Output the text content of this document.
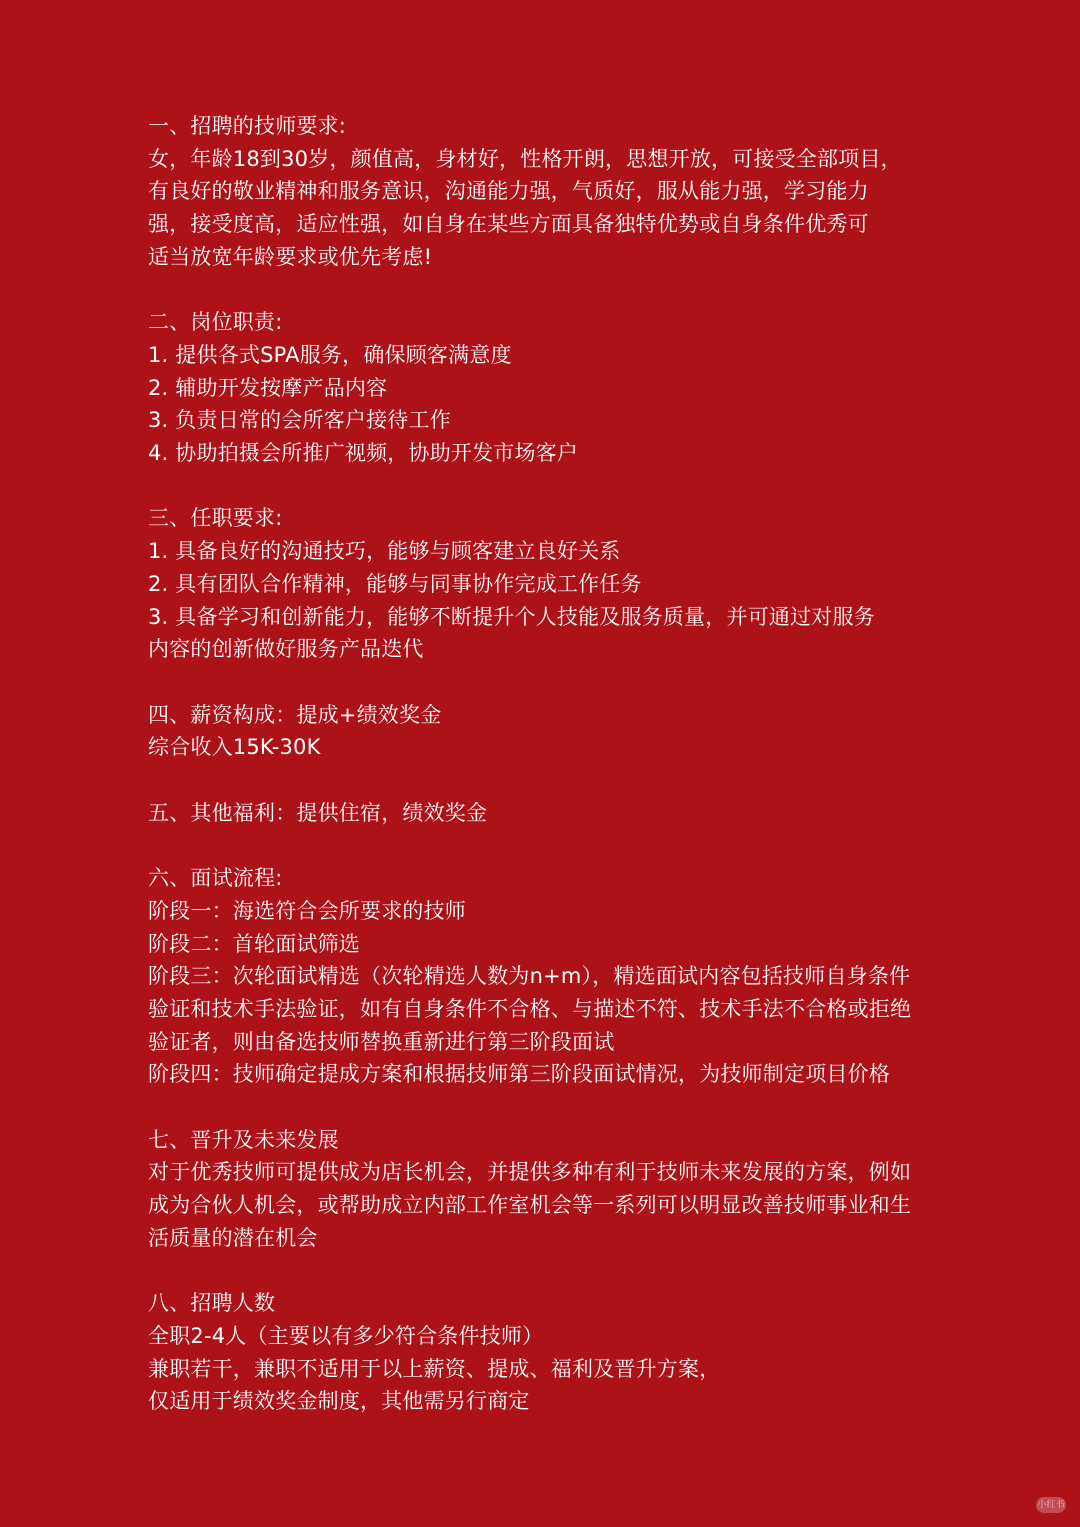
一、招聘的技师要求:
女，年龄18到30岁，颜值高，身材好，性格开朗，思想开放，可接受全部项目，
有良好的敬业精神和服务意识，沟通能力强，气质好，服从能力强，学习能力
强，接受度高，适应性强，如自身在某些方面具备独特优势或自身条件优秀可
适当放宽年龄要求或优先考虑!
二、岗位职责:
1. 提供各式SPA服务，确保顾客满意度
2. 辅助开发按摩产品内容
3. 负责日常的会所客户接待工作
4. 协助拍摄会所推广视频，协助开发市场客户
三、任职要求:
1. 具备良好的沟通技巧，能够与顾客建立良好关系
2. 具有团队合作精神，能够与同事协作完成工作任务
3. 具备学习和创新能力，能够不断提升个人技能及服务质量，并可通过对服务
内容的创新做好服务产品迭代
四、薪资构成：提成+绩效奖金
综合收入15K-30K
五、其他福利：提供住宿，绩效奖金
六、面试流程:
阶段一：海选符合会所要求的技师
阶段二：首轮面试筛选
阶段三：次轮面试精选（次轮精选人数为n+m），精选面试内容包括技师自身条件
验证和技术手法验证，如有自身条件不合格、与描述不符、技术手法不合格或拒绝
验证者，则由备选技师替换重新进行第三阶段面试
阶段四：技师确定提成方案和根据技师第三阶段面试情况，为技师制定项目价格
七、晋升及未来发展
对于优秀技师可提供成为店长机会，并提供多种有利于技师未来发展的方案，例如
成为合伙人机会，或帮助成立内部工作室机会等一系列可以明显改善技师事业和生
活质量的潜在机会
八、招聘人数
全职2-4人（主要以有多少符合条件技师）
兼职若干，兼职不适用于以上薪资、提成、福利及晋升方案，
仅适用于绩效奖金制度，其他需另行商定
小红书
